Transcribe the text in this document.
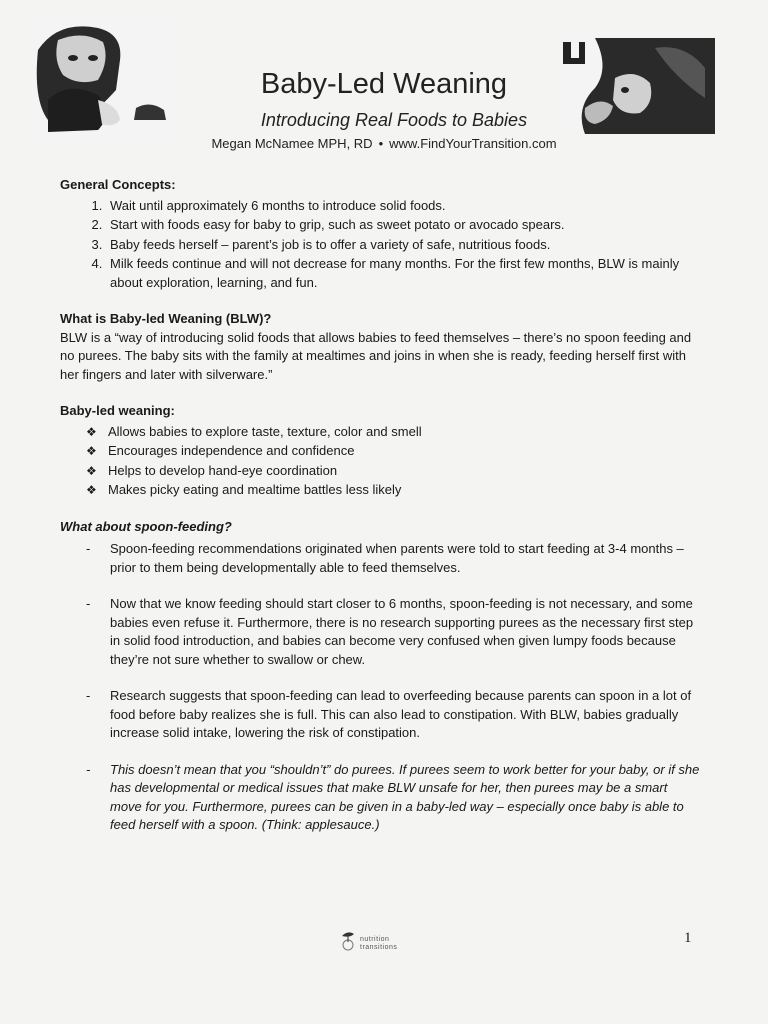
Baby-Led Weaning
Introducing Real Foods to Babies
Megan McNamee MPH, RD • www.FindYourTransition.com
General Concepts:
1. Wait until approximately 6 months to introduce solid foods.
2. Start with foods easy for baby to grip, such as sweet potato or avocado spears.
3. Baby feeds herself – parent’s job is to offer a variety of safe, nutritious foods.
4. Milk feeds continue and will not decrease for many months. For the first few months, BLW is mainly about exploration, learning, and fun.
What is Baby-led Weaning (BLW)?

BLW is a “way of introducing solid foods that allows babies to feed themselves – there’s no spoon feeding and no purees. The baby sits with the family at mealtimes and joins in when she is ready, feeding herself first with her fingers and later with silverware.”

Baby-led weaning:
❖ Allows babies to explore taste, texture, color and smell
❖ Encourages independence and confidence
❖ Helps to develop hand-eye coordination
❖ Makes picky eating and mealtime battles less likely
What about spoon-feeding?
- Spoon-feeding recommendations originated when parents were told to start feeding at 3-4 months – prior to them being developmentally able to feed themselves.
- Now that we know feeding should start closer to 6 months, spoon-feeding is not necessary, and some babies even refuse it. Furthermore, there is no research supporting purees as the necessary first step in solid food introduction, and babies can become very confused when given lumpy foods because they’re not sure whether to swallow or chew.
- Research suggests that spoon-feeding can lead to overfeeding because parents can spoon in a lot of food before baby realizes she is full. This can also lead to constipation. With BLW, babies gradually increase solid intake, lowering the risk of constipation.
- This doesn’t mean that you “shouldn’t” do purees. If purees seem to work better for your baby, or if she has developmental or medical issues that make BLW unsafe for her, then purees may be a smart move for you. Furthermore, purees can be given in a baby-led way – especially once baby is able to feed herself with a spoon. (Think: applesauce.)
nutrition
transitions
1
